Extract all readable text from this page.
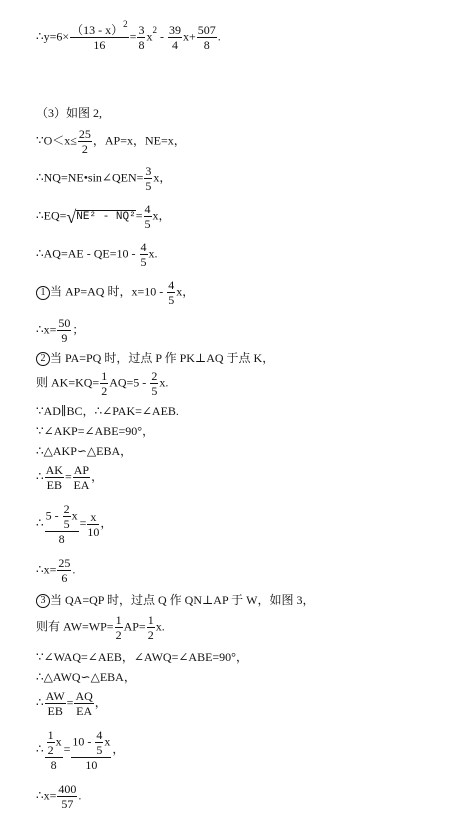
∴y=6× $\frac{(13 - x)^2}{16} = \frac{3}{8} x^2 - \frac{39}{4} x+ \frac{507}{8}$ .
（3）如图 2,
∵O＜x≤ $\frac{25}{2}$ ，AP=x，NE=x，
∴NQ=NE•sin∠QEN= $\frac{3}{5}$ x，
∴EQ=√NE² - $NQ^2= \frac{4}{5}$ x，
∴AQ=AE - $QE=10 - \frac{4}{5} x$.
1 当 AP=AQ 时，$x=10 - \frac{4}{5}$ x，
∴x= $\frac{50}{9}$ ；
2 当 PA=PQ 时，过点 P 作 PK⊥AQ 于点 K，
则 $AK=KQ= \frac{1}{2} AQ=5 - \frac{2}{5} x$.
∵AD∥BC，∴∠PAK=∠AEB.
∵∠AKP=∠ABE=90°，
∴△AKP∽△EBA，
∴ $\frac{AK}{EB} = \frac{AP}{EA}$ ，
∴ $\frac{5 - \frac{2}{5} x}{8} = \frac{x}{10}$ ，
∴x= $\frac{25}{6}$ .
3 当 QA=QP 时，过点 Q 作 QN⊥AP 于 W，如图 3，
则有 $AW=WP= \frac{1}{2} AP= \frac{1}{2} x$.
∵∠WAQ=∠AEB，∠AWQ=∠ABE=90°，
∴△AWQ∽△EBA，
∴ $\frac{AW}{EB} = \frac{AQ}{EA}$ ，
∴ $\frac{\frac{1}{2} x}{8} = \frac{10 - \frac{4}{5} x}{10}$ ，
∴x= $\frac{400}{57}$ .
